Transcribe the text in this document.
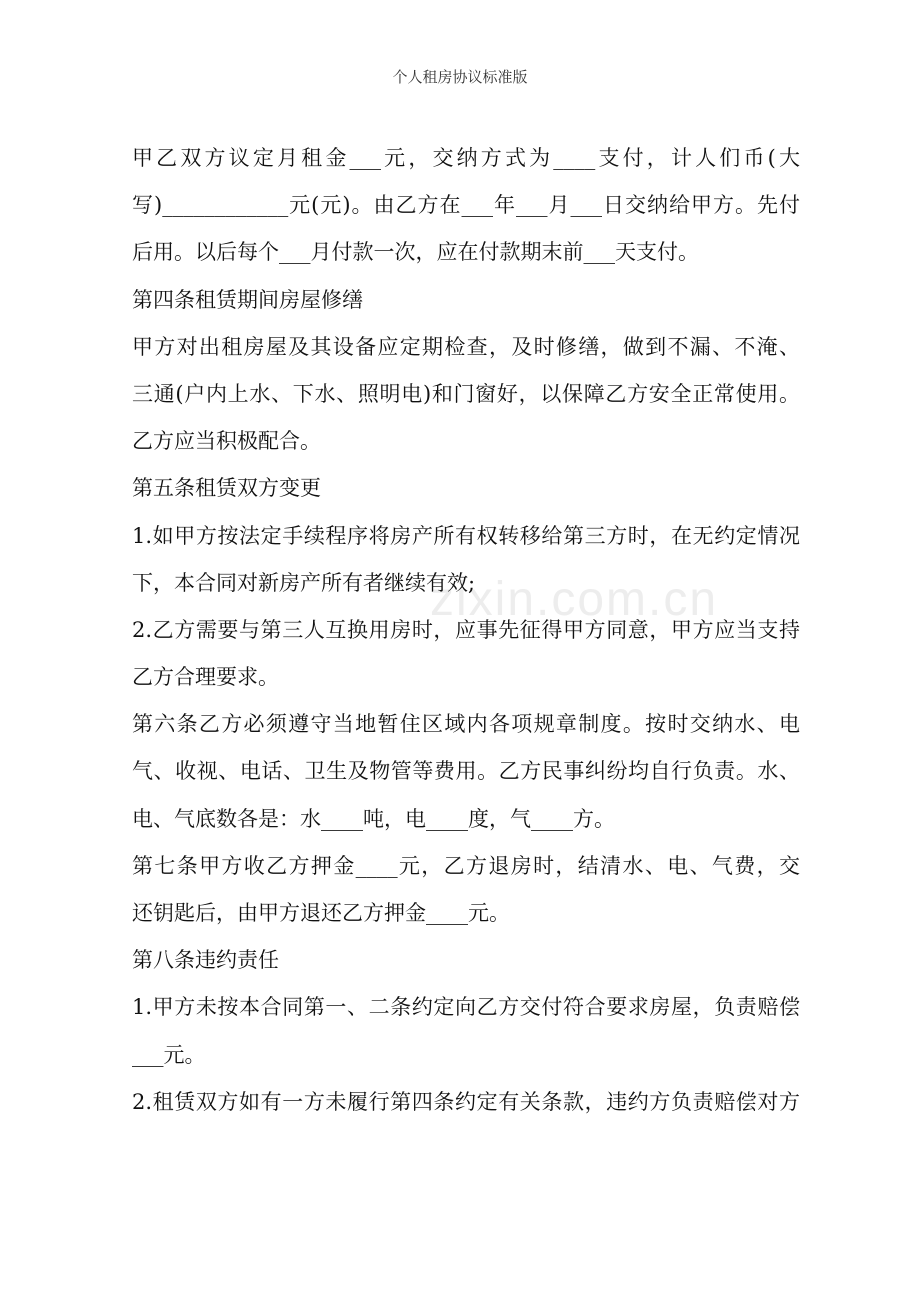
个人租房协议标准版
zixin.com.cn
甲乙双方议定月租金___元，交纳方式为____支付，计人们币(大
写)____________元(元)。由乙方在___年___月___日交纳给甲方。先付
后用。以后每个___月付款一次，应在付款期末前___天支付。
第四条租赁期间房屋修缮
甲方对出租房屋及其设备应定期检查，及时修缮，做到不漏、不淹、
三通(户内上水、下水、照明电)和门窗好，以保障乙方安全正常使用。
乙方应当积极配合。
第五条租赁双方变更
1.如甲方按法定手续程序将房产所有权转移给第三方时，在无约定情况
下，本合同对新房产所有者继续有效;
2.乙方需要与第三人互换用房时，应事先征得甲方同意，甲方应当支持
乙方合理要求。
第六条乙方必须遵守当地暂住区域内各项规章制度。按时交纳水、电
气、收视、电话、卫生及物管等费用。乙方民事纠纷均自行负责。水、
电、气底数各是：水____吨，电____度，气____方。
第七条甲方收乙方押金____元，乙方退房时，结清水、电、气费，交
还钥匙后，由甲方退还乙方押金____元。
第八条违约责任
1.甲方未按本合同第一、二条约定向乙方交付符合要求房屋，负责赔偿
___元。
2.租赁双方如有一方未履行第四条约定有关条款，违约方负责赔偿对方
